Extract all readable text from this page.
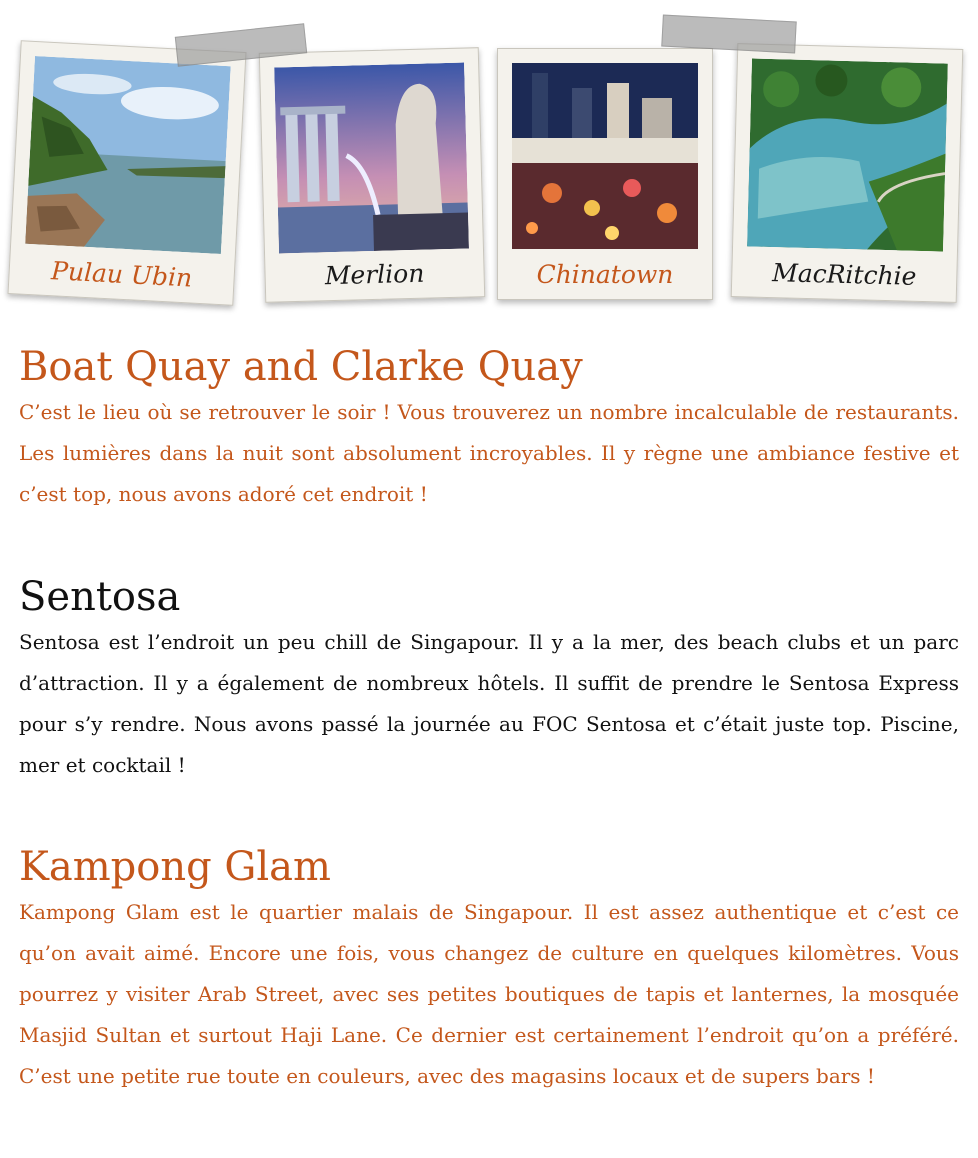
Pulau Ubin	Merlion	Chinatown	MacRitchie
Boat Quay and Clarke Quay

C’est le lieu où se retrouver le soir ! Vous trouverez un nombre incalculable de restaurants. Les lumières dans la nuit sont absolument incroyables. Il y règne une ambiance festive et c’est top, nous avons adoré cet endroit !

Sentosa

Sentosa est l’endroit un peu chill de Singapour. Il y a la mer, des beach clubs et un parc d’attraction. Il y a également de nombreux hôtels. Il suffit de prendre le Sentosa Express pour s’y rendre. Nous avons passé la journée au FOC Sentosa et c’était juste top. Piscine, mer et cocktail !

Kampong Glam

Kampong Glam est le quartier malais de Singapour. Il est assez authentique et c’est ce qu’on avait aimé. Encore une fois, vous changez de culture en quelques kilomètres. Vous pourrez y visiter Arab Street, avec ses petites boutiques de tapis et lanternes, la mosquée Masjid Sultan et surtout Haji Lane. Ce dernier est certainement l’endroit qu’on a préféré. C’est une petite rue toute en couleurs, avec des magasins locaux et de supers bars !
